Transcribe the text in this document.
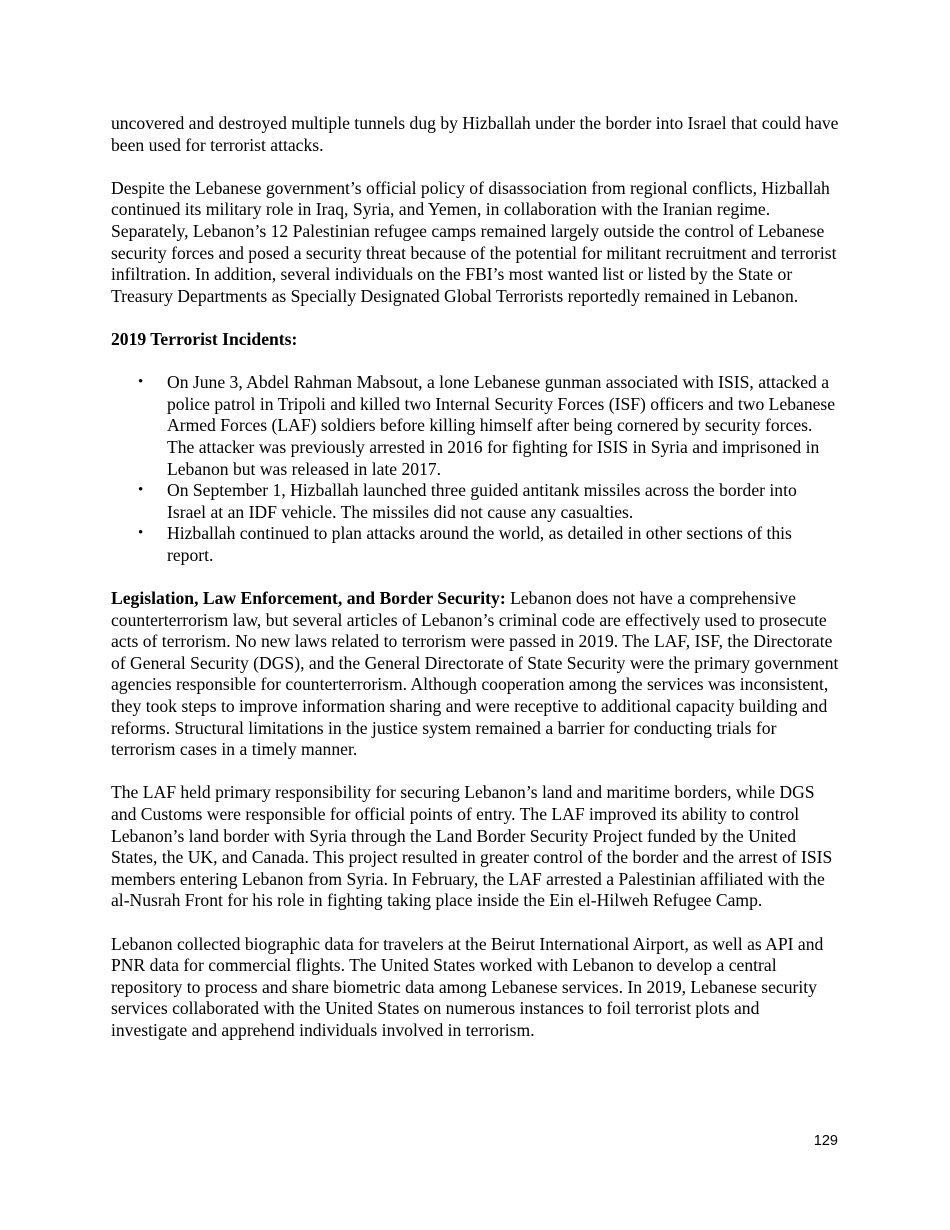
uncovered and destroyed multiple tunnels dug by Hizballah under the border into Israel that could have been used for terrorist attacks.

Despite the Lebanese government’s official policy of disassociation from regional conflicts, Hizballah continued its military role in Iraq, Syria, and Yemen, in collaboration with the Iranian regime. Separately, Lebanon’s 12 Palestinian refugee camps remained largely outside the control of Lebanese security forces and posed a security threat because of the potential for militant recruitment and terrorist infiltration. In addition, several individuals on the FBI’s most wanted list or listed by the State or Treasury Departments as Specially Designated Global Terrorists reportedly remained in Lebanon.

2019 Terrorist Incidents:
• On June 3, Abdel Rahman Mabsout, a lone Lebanese gunman associated with ISIS, attacked a police patrol in Tripoli and killed two Internal Security Forces (ISF) officers and two Lebanese Armed Forces (LAF) soldiers before killing himself after being cornered by security forces. The attacker was previously arrested in 2016 for fighting for ISIS in Syria and imprisoned in Lebanon but was released in late 2017.
• On September 1, Hizballah launched three guided antitank missiles across the border into Israel at an IDF vehicle. The missiles did not cause any casualties.
• Hizballah continued to plan attacks around the world, as detailed in other sections of this report.

Legislation, Law Enforcement, and Border Security: Lebanon does not have a comprehensive counterterrorism law, but several articles of Lebanon’s criminal code are effectively used to prosecute acts of terrorism. No new laws related to terrorism were passed in 2019. The LAF, ISF, the Directorate of General Security (DGS), and the General Directorate of State Security were the primary government agencies responsible for counterterrorism. Although cooperation among the services was inconsistent, they took steps to improve information sharing and were receptive to additional capacity building and reforms. Structural limitations in the justice system remained a barrier for conducting trials for terrorism cases in a timely manner.

The LAF held primary responsibility for securing Lebanon’s land and maritime borders, while DGS and Customs were responsible for official points of entry. The LAF improved its ability to control Lebanon’s land border with Syria through the Land Border Security Project funded by the United States, the UK, and Canada. This project resulted in greater control of the border and the arrest of ISIS members entering Lebanon from Syria. In February, the LAF arrested a Palestinian affiliated with the al-Nusrah Front for his role in fighting taking place inside the Ein el-Hilweh Refugee Camp.

Lebanon collected biographic data for travelers at the Beirut International Airport, as well as API and PNR data for commercial flights. The United States worked with Lebanon to develop a central repository to process and share biometric data among Lebanese services. In 2019, Lebanese security services collaborated with the United States on numerous instances to foil terrorist plots and investigate and apprehend individuals involved in terrorism.

129
